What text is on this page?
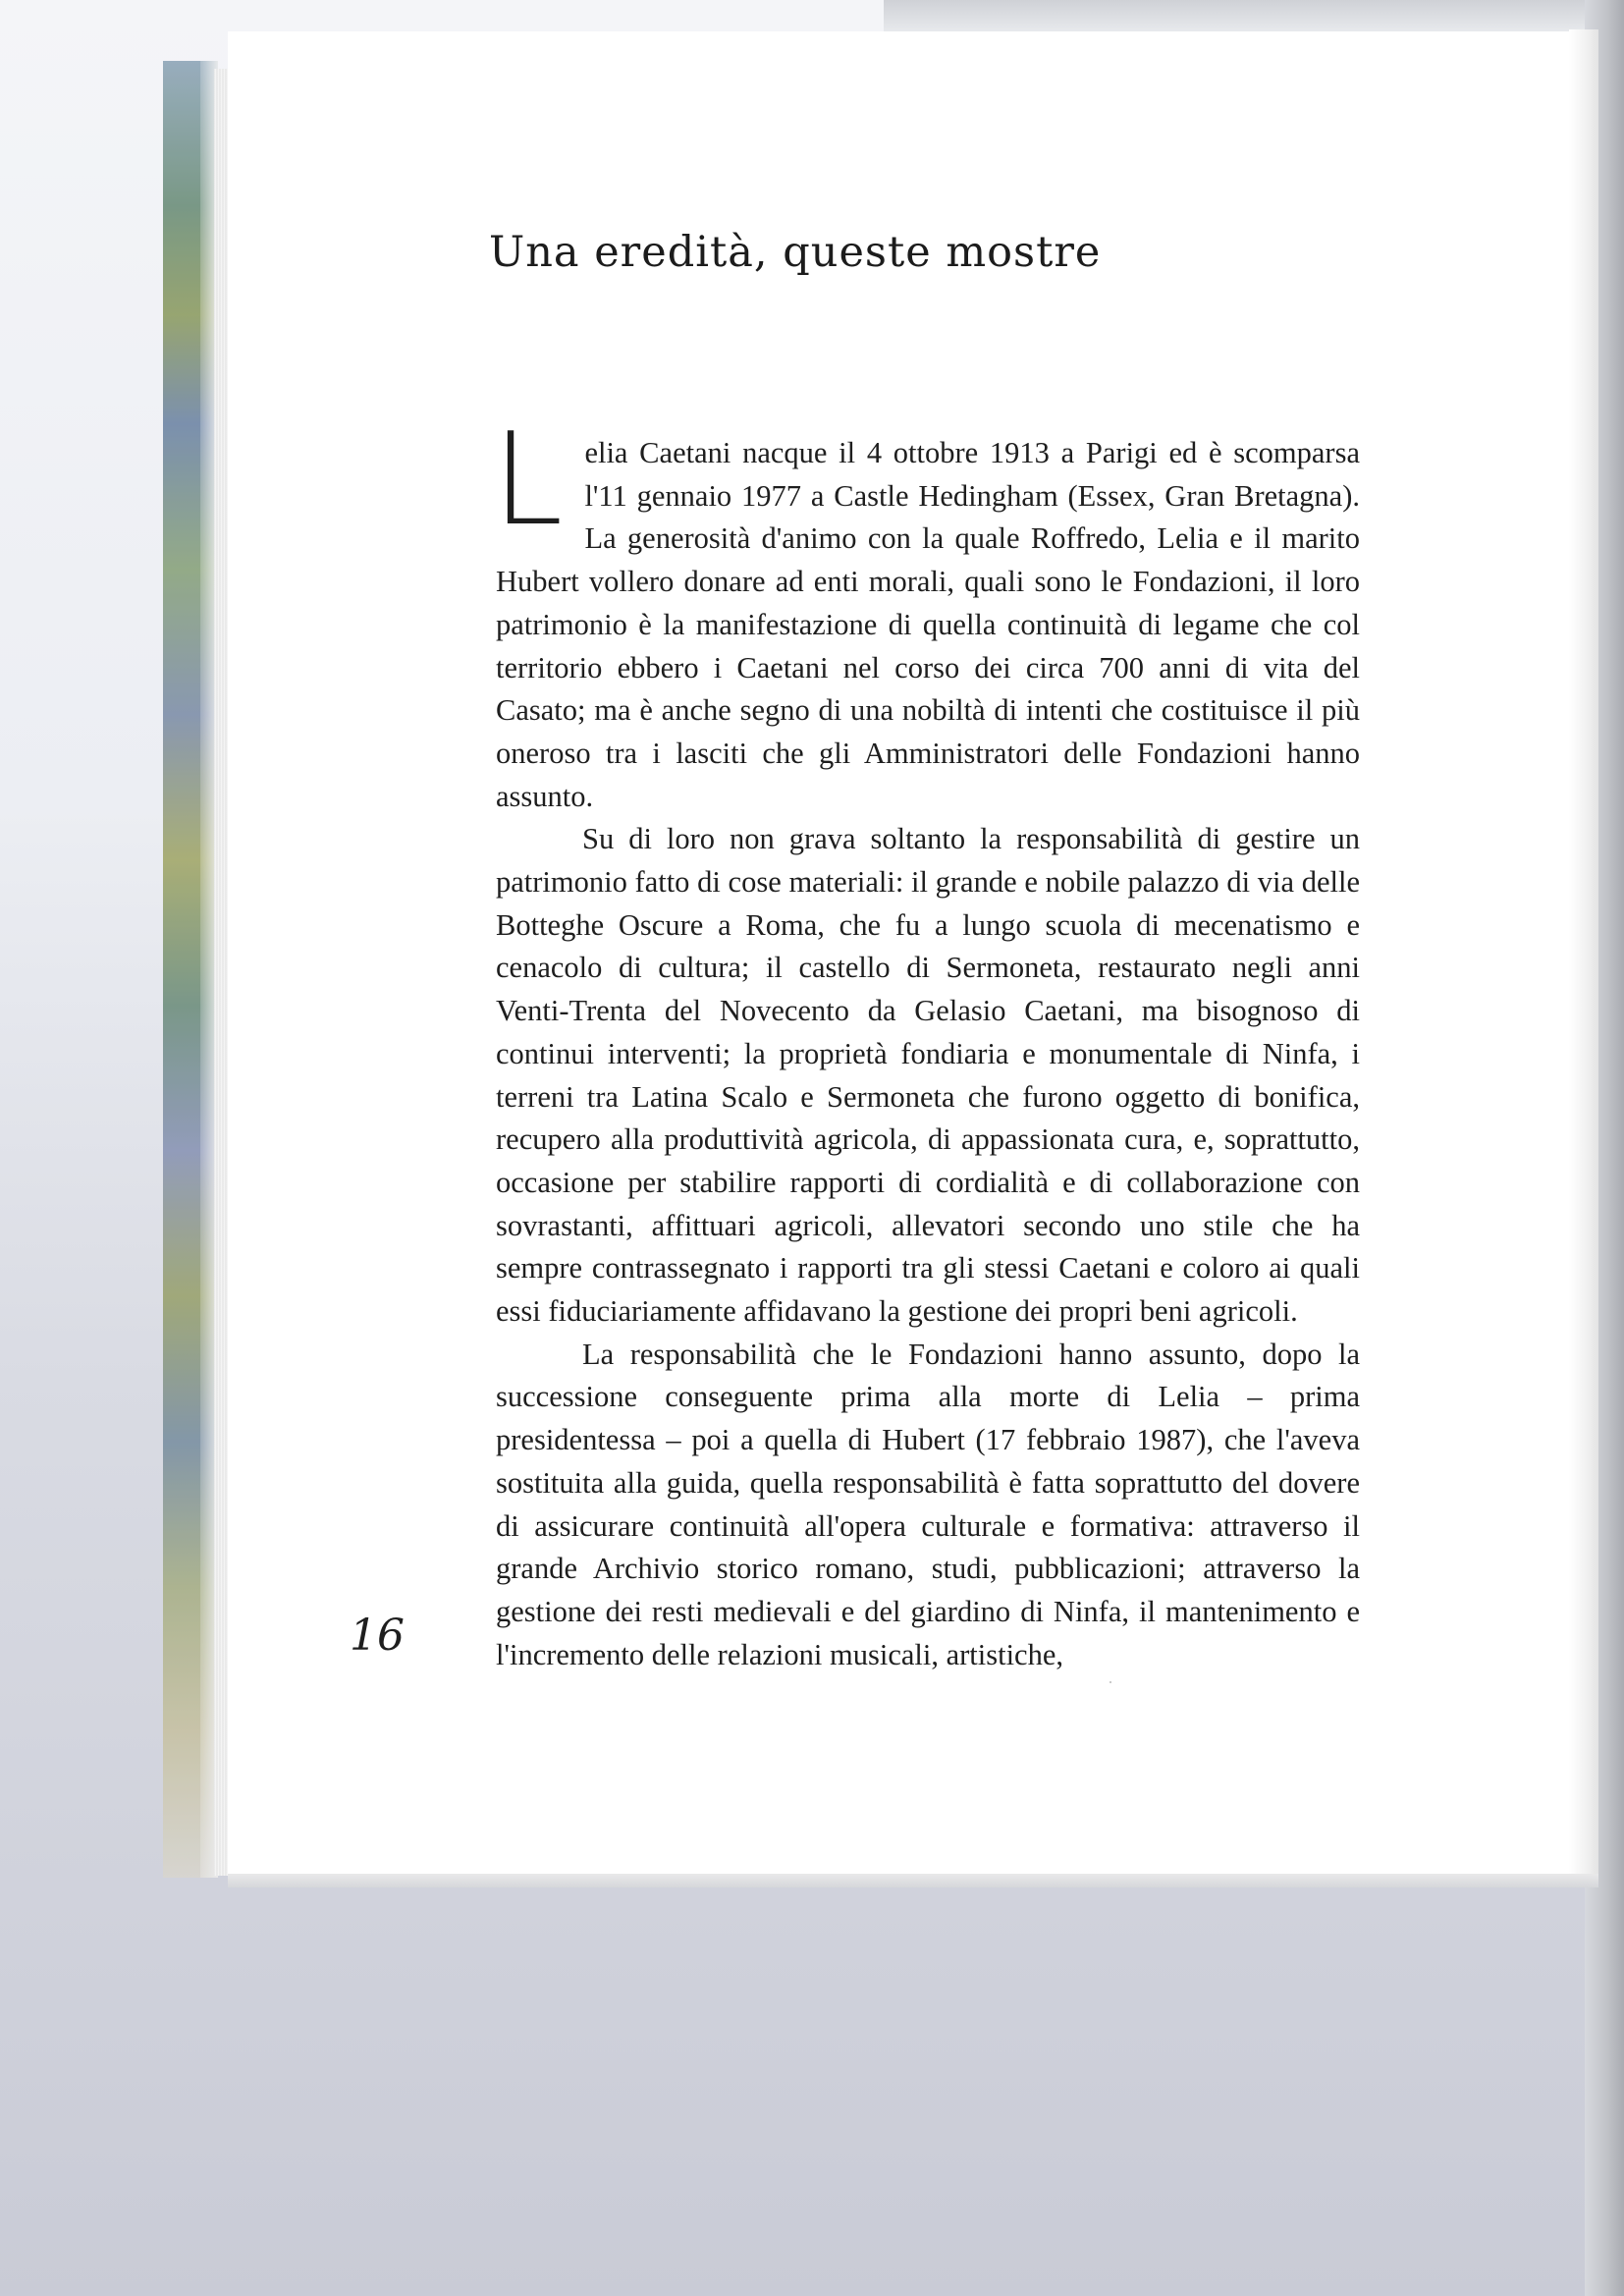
Una eredità, queste mostre

Lelia Caetani nacque il 4 ottobre 1913 a Parigi ed è scomparsa l'11 gennaio 1977 a Castle Hedingham (Essex, Gran Bretagna). La generosità d'animo con la quale Roffredo, Lelia e il marito Hubert vollero donare ad enti morali, quali sono le Fondazioni, il loro patrimonio è la manifestazione di quella continuità di legame che col territorio ebbero i Caetani nel corso dei circa 700 anni di vita del Casato; ma è anche segno di una nobiltà di intenti che costituisce il più oneroso tra i lasciti che gli Amministratori delle Fondazioni hanno assunto.

Su di loro non grava soltanto la responsabilità di gestire un patrimonio fatto di cose materiali: il grande e nobile palazzo di via delle Botteghe Oscure a Roma, che fu a lungo scuola di mecenatismo e cenacolo di cultura; il castello di Sermoneta, restaurato negli anni Venti-Trenta del Novecento da Gelasio Caetani, ma bisognoso di continui interventi; la proprietà fondiaria e monumentale di Ninfa, i terreni tra Latina Scalo e Sermoneta che furono oggetto di bonifica, recupero alla produttività agricola, di appassionata cura, e, soprattutto, occasione per stabilire rapporti di cordialità e di collaborazione con sovrastanti, affittuari agricoli, allevatori secondo uno stile che ha sempre contrassegnato i rapporti tra gli stessi Caetani e coloro ai quali essi fiduciariamente affidavano la gestione dei propri beni agricoli.

La responsabilità che le Fondazioni hanno assunto, dopo la successione conseguente prima alla morte di Lelia – prima presidentessa – poi a quella di Hubert (17 febbraio 1987), che l'aveva sostituita alla guida, quella responsabilità è fatta soprattutto del dovere di assicurare continuità all'opera culturale e formativa: attraverso il grande Archivio storico romano, studi, pubblicazioni; attraverso la gestione dei resti medievali e del giardino di Ninfa, il mantenimento e l'incremento delle relazioni musicali, artistiche,

16
